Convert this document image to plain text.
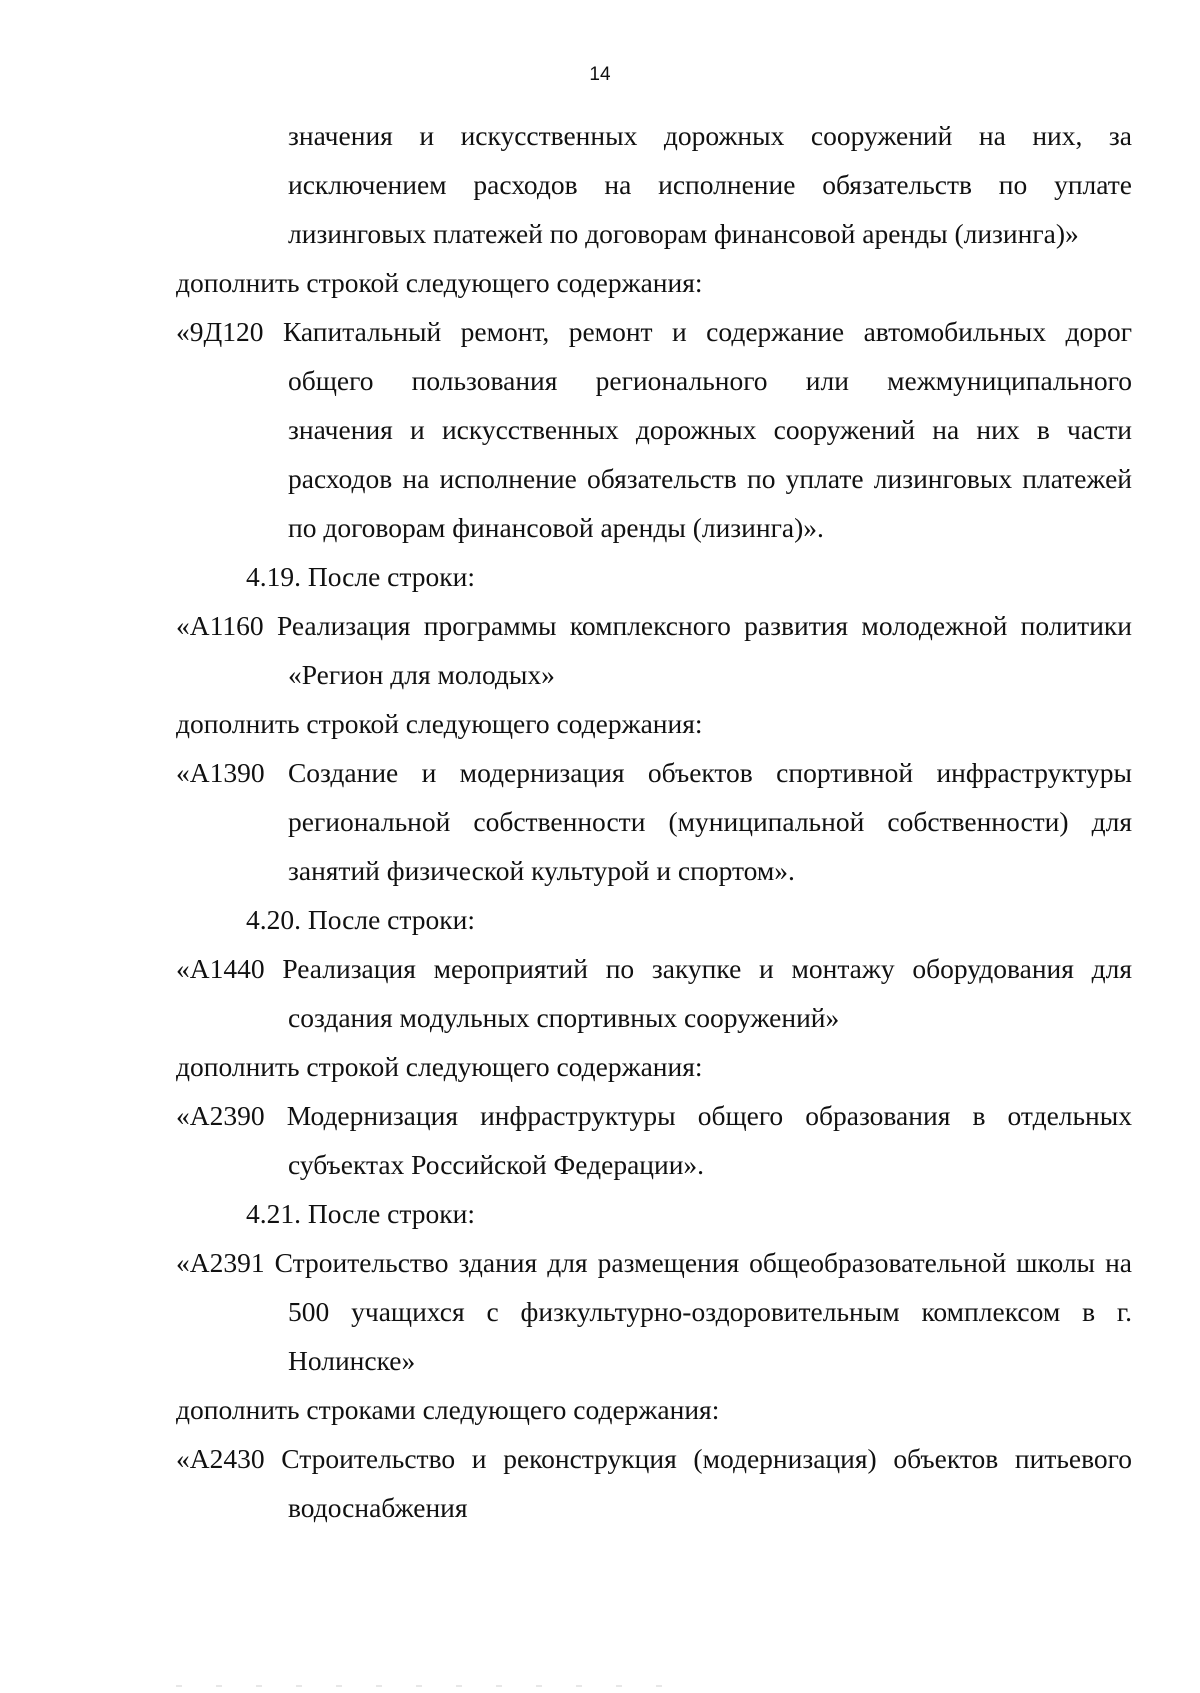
14
значения и искусственных дорожных сооружений на них, за
исключением расходов на исполнение обязательств по уплате
лизинговых платежей по договорам финансовой аренды (лизинга)»
дополнить строкой следующего содержания:
«9Д120 Капитальный ремонт, ремонт и содержание автомобильных дорог
общего пользования регионального или межмуниципального
значения и искусственных дорожных сооружений на них в части
расходов на исполнение обязательств по уплате лизинговых платежей
по договорам финансовой аренды (лизинга)».
4.19. После строки:
«А1160 Реализация программы комплексного развития молодежной политики
«Регион для молодых»
дополнить строкой следующего содержания:
«А1390 Создание и модернизация объектов спортивной инфраструктуры
региональной собственности (муниципальной собственности) для
занятий физической культурой и спортом».
4.20. После строки:
«А1440 Реализация мероприятий по закупке и монтажу оборудования для
создания модульных спортивных сооружений»
дополнить строкой следующего содержания:
«А2390 Модернизация инфраструктуры общего образования в отдельных
субъектах Российской Федерации».
4.21. После строки:
«А2391 Строительство здания для размещения общеобразовательной школы на
500 учащихся с физкультурно-оздоровительным комплексом в г.
Нолинске»
дополнить строками следующего содержания:
«А2430 Строительство и реконструкция (модернизация) объектов питьевого
водоснабжения
